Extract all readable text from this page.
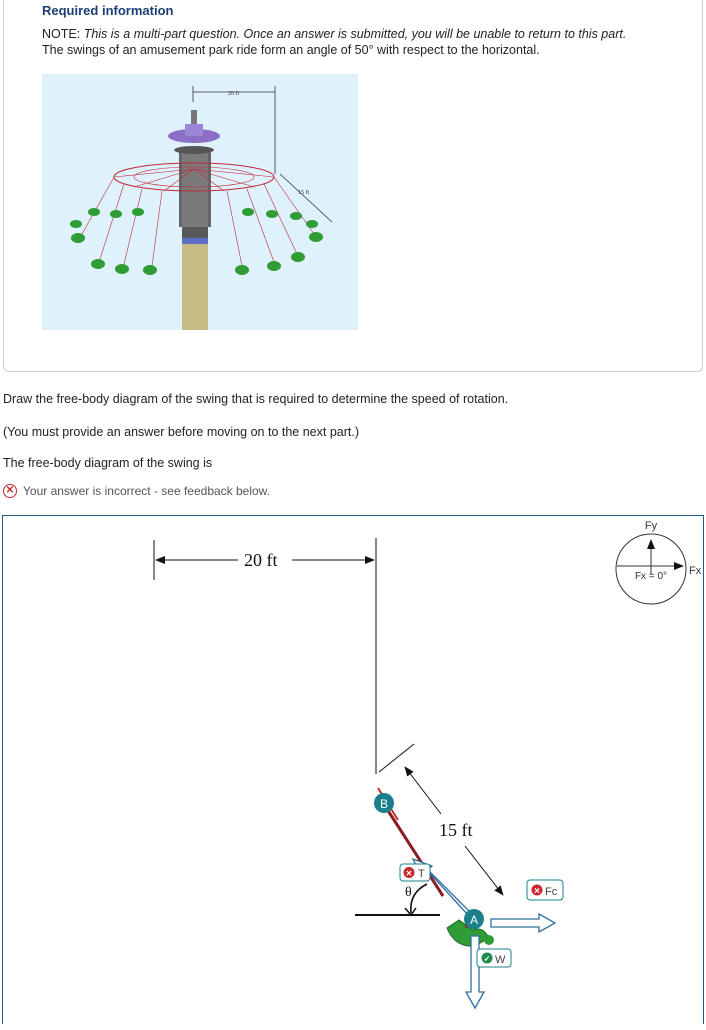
Required information
NOTE: This is a multi-part question. Once an answer is submitted, you will be unable to return to this part.
The swings of an amusement park ride form an angle of 50° with respect to the horizontal.
20 ft
15 ft
Draw the free-body diagram of the swing that is required to determine the speed of rotation.
(You must provide an answer before moving on to the next part.)
The free-body diagram of the swing is
✕ Your answer is incorrect - see feedback below.
20 ft
15 ft
θ
B
A
✕ T
✕ Fc
✓ W
Fy
Fx
Fx = 0°
